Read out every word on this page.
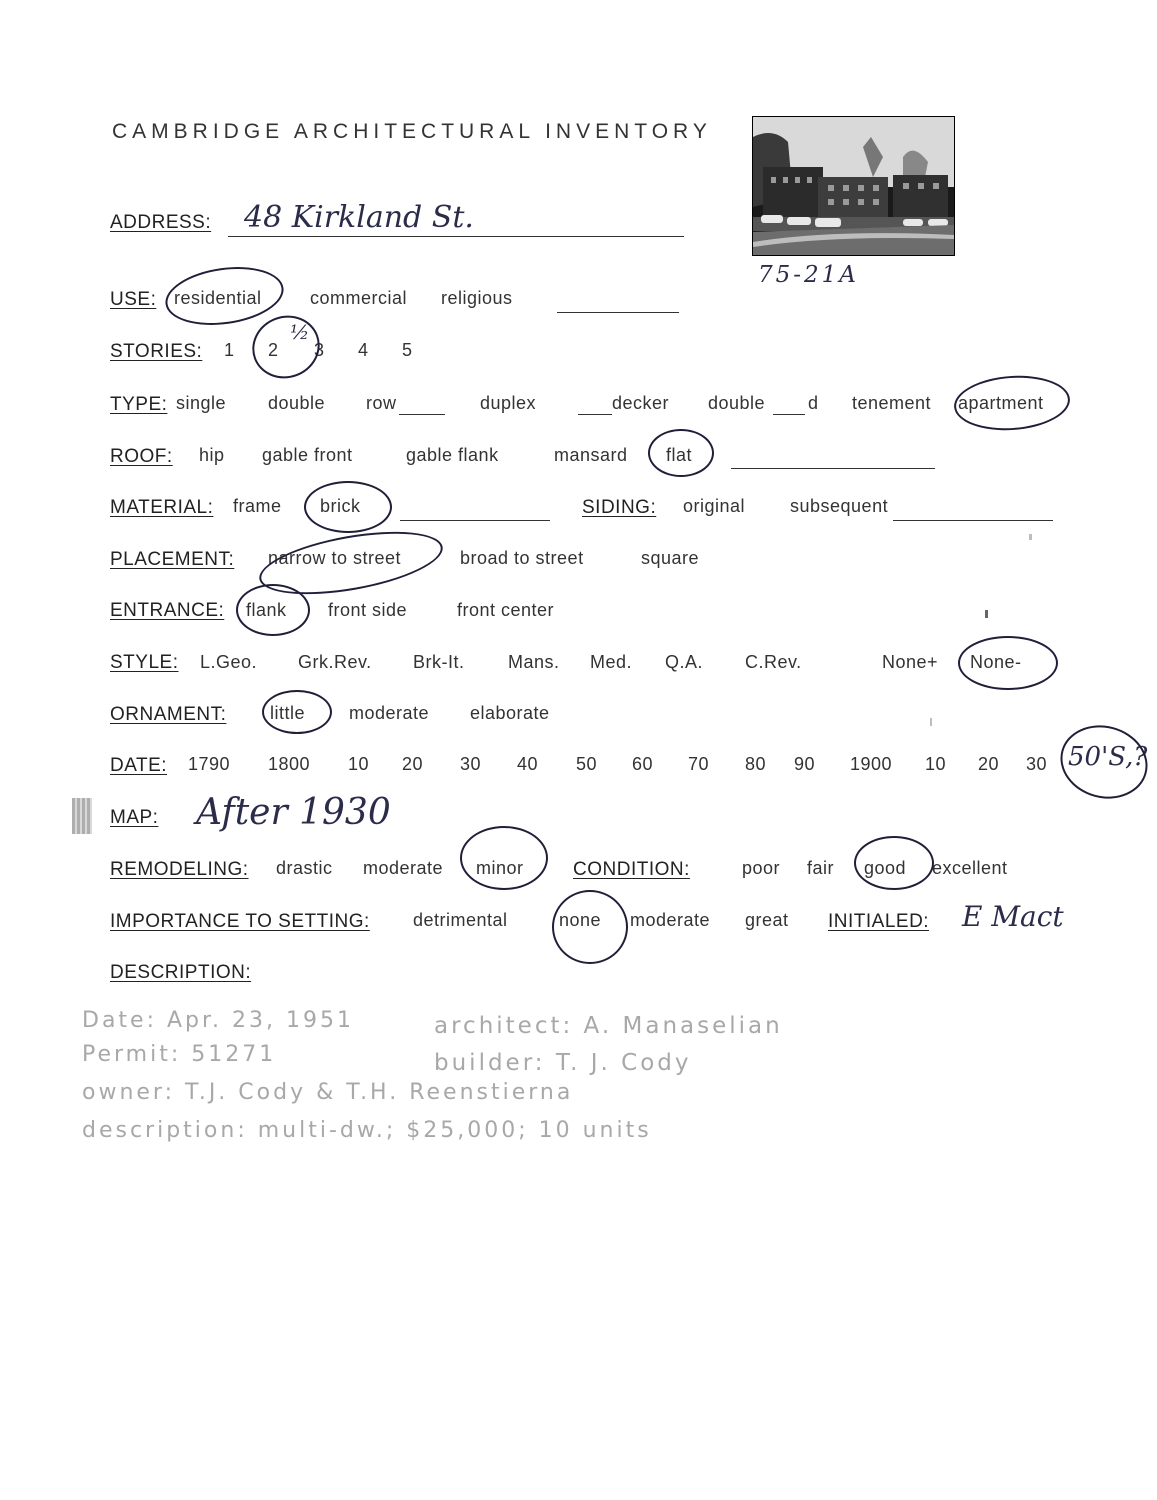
CAMBRIDGE ARCHITECTURAL INVENTORY
75-21A
ADDRESS: 48 Kirkland St.
USE: residential	commercial religious
STORIES: 1 2 3 4 5
½
TYPE: single double row	duplex	decker double d tenement apartment
ROOF: hip gable front	gable flank	mansard flat
MATERIAL: frame brick	SIDING: original subsequent
PLACEMENT: narrow to street	broad to street	square
ENTRANCE: flank front side	front center
STYLE: L.Geo. Grk.Rev. Brk-It. Mans. Med. Q.A. C.Rev.	None+ None-
ORNAMENT: little moderate elaborate
DATE: 1790 1800 10 20 30 40 50 60 70 80 90 1900 10 20 30 50'S,?
MAP: After 1930
REMODELING: drastic moderate minor	CONDITION:	poor fair good excellent
IMPORTANCE TO SETTING: detrimental	none moderate great INITIALED: E Mact
DESCRIPTION:
Date: Apr. 23, 1951	architect: A. Manaselian
Permit: 51271	builder: T. J. Cody
owner: T.J. Cody & T.H. Reenstierna
description: multi-dw.; $25,000; 10 units
